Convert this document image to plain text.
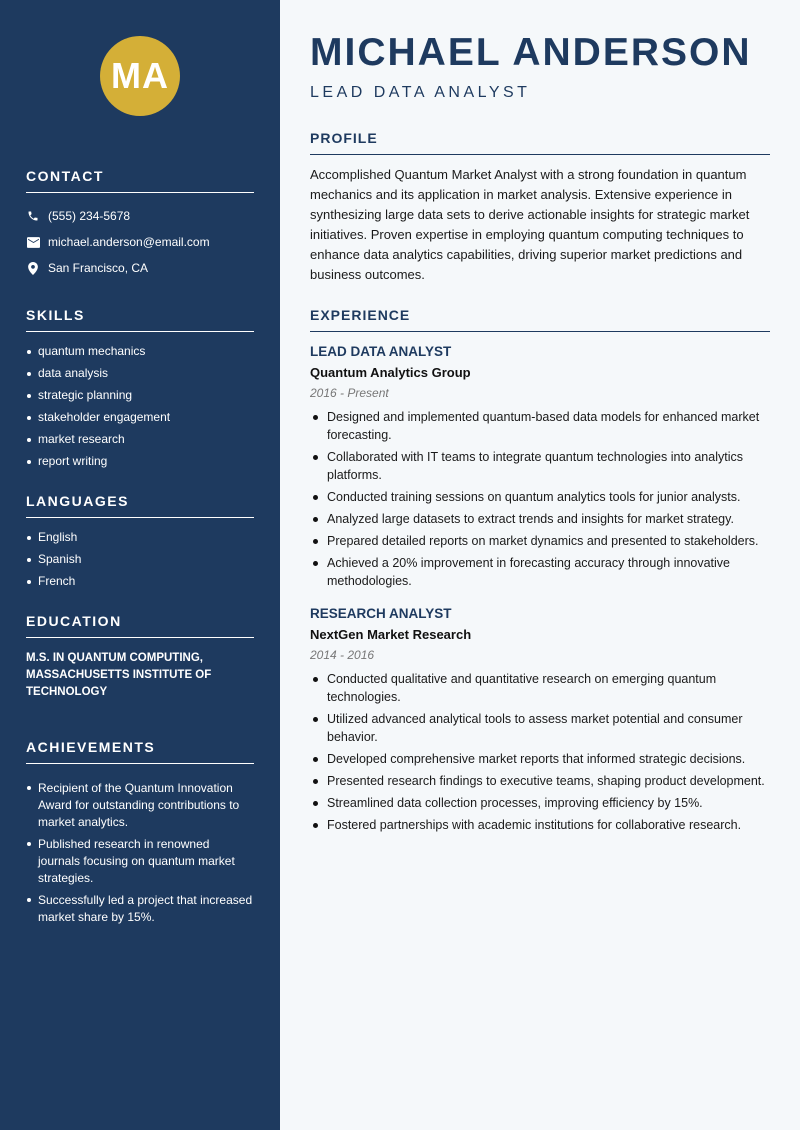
MA
CONTACT
(555) 234-5678
michael.anderson@email.com
San Francisco, CA
SKILLS
quantum mechanics
data analysis
strategic planning
stakeholder engagement
market research
report writing
LANGUAGES
English
Spanish
French
EDUCATION
M.S. IN QUANTUM COMPUTING, MASSACHUSETTS INSTITUTE OF TECHNOLOGY
ACHIEVEMENTS
Recipient of the Quantum Innovation Award for outstanding contributions to market analytics.
Published research in renowned journals focusing on quantum market strategies.
Successfully led a project that increased market share by 15%.
MICHAEL ANDERSON
LEAD DATA ANALYST
PROFILE

Accomplished Quantum Market Analyst with a strong foundation in quantum mechanics and its application in market analysis. Extensive experience in synthesizing large data sets to derive actionable insights for strategic market initiatives. Proven expertise in employing quantum computing techniques to enhance data analytics capabilities, driving superior market predictions and business outcomes.

EXPERIENCE
LEAD DATA ANALYST
Quantum Analytics Group
2016 - Present
Designed and implemented quantum-based data models for enhanced market forecasting.
Collaborated with IT teams to integrate quantum technologies into analytics platforms.
Conducted training sessions on quantum analytics tools for junior analysts.
Analyzed large datasets to extract trends and insights for market strategy.
Prepared detailed reports on market dynamics and presented to stakeholders.
Achieved a 20% improvement in forecasting accuracy through innovative methodologies.
RESEARCH ANALYST
NextGen Market Research
2014 - 2016
Conducted qualitative and quantitative research on emerging quantum technologies.
Utilized advanced analytical tools to assess market potential and consumer behavior.
Developed comprehensive market reports that informed strategic decisions.
Presented research findings to executive teams, shaping product development.
Streamlined data collection processes, improving efficiency by 15%.
Fostered partnerships with academic institutions for collaborative research.
